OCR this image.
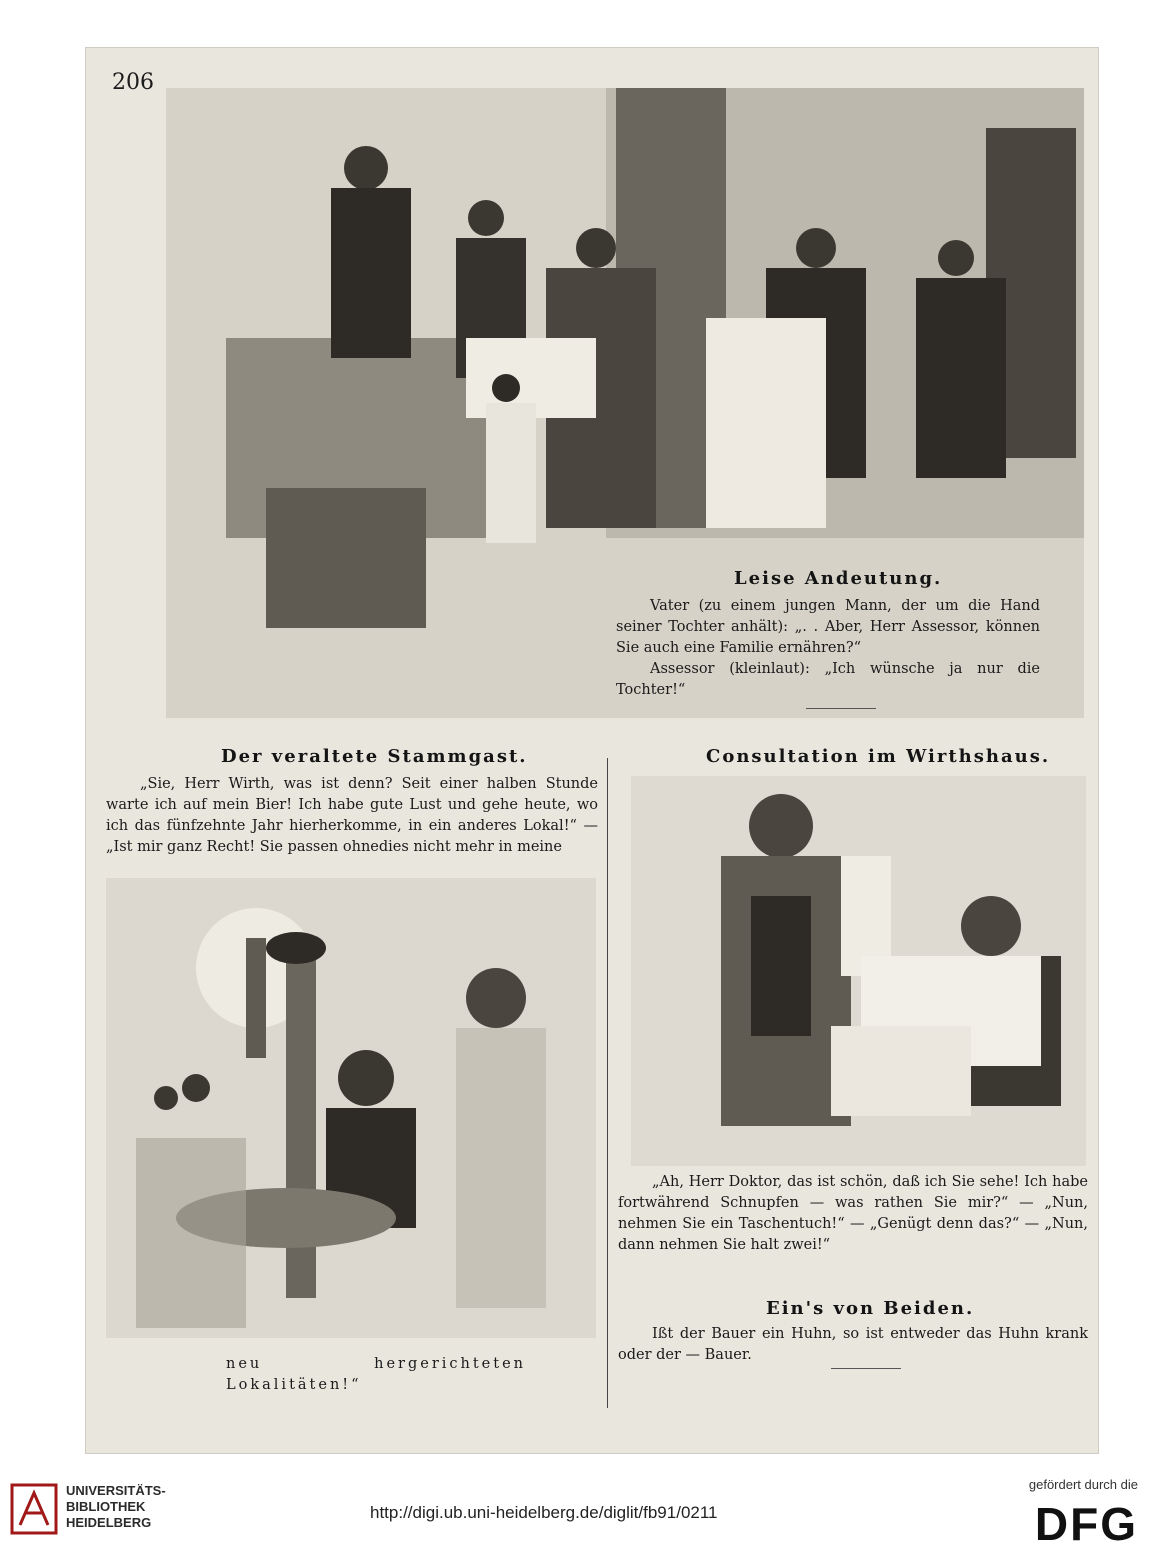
206
Leise Andeutung.

Vater (zu einem jungen Mann, der um die Hand seiner Tochter anhält): „. . Aber, Herr Assessor, können Sie auch eine Familie ernähren?“

Assessor (kleinlaut): „Ich wünsche ja nur die Tochter!“

Der veraltete Stammgast.
„Sie, Herr Wirth, was ist denn? Seit einer halben Stunde warte ich auf mein Bier! Ich habe gute Lust und gehe heute, wo ich das fünfzehnte Jahr hierherkomme, in ein anderes Lokal!“ — „Ist mir ganz Recht! Sie passen ohnedies nicht mehr in meine
neu hergerichteten Lokalitäten!“
Consultation im Wirthshaus.
„Ah, Herr Doktor, das ist schön, daß ich Sie sehe! Ich habe fortwährend Schnupfen — was rathen Sie mir?“ — „Nun, nehmen Sie ein Taschentuch!“ — „Genügt denn das?“ — „Nun, dann nehmen Sie halt zwei!“
Ein's von Beiden.
Ißt der Bauer ein Huhn, so ist entweder das Huhn krank oder der — Bauer.
UNIVERSITÄTS-
BIBLIOTHEK
HEIDELBERG
http://digi.ub.uni-heidelberg.de/diglit/fb91/0211
gefördert durch die
DFG
